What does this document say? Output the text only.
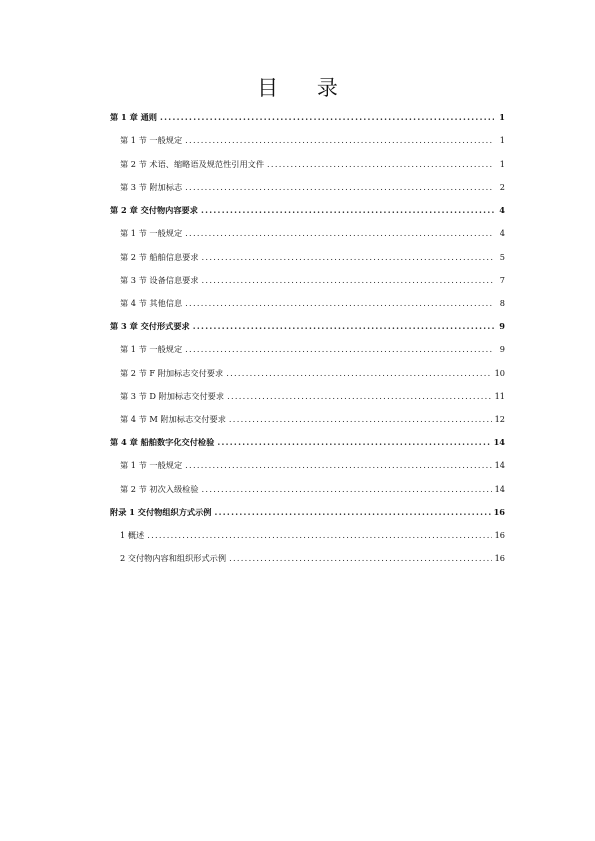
目 录
第 1 章 通则 .....	1
第 1 节 一般规定 .....	1
第 2 节 术语、缩略语及规范性引用文件 .....	1
第 3 节 附加标志 .....	2
第 2 章 交付物内容要求 .....	4
第 1 节 一般规定 .....	4
第 2 节 船舶信息要求 .....	5
第 3 节 设备信息要求 .....	7
第 4 节 其他信息 .....	8
第 3 章 交付形式要求 .....	9
第 1 节 一般规定 .....	9
第 2 节 F 附加标志交付要求 .....	10
第 3 节 D 附加标志交付要求 .....	11
第 4 节 M 附加标志交付要求 .....	12
第 4 章 船舶数字化交付检验 .....	14
第 1 节 一般规定 .....	14
第 2 节 初次入级检验 .....	14
附录 1 交付物组织方式示例 .....	16
1 概述 .....	16
2 交付物内容和组织形式示例 .....	16
